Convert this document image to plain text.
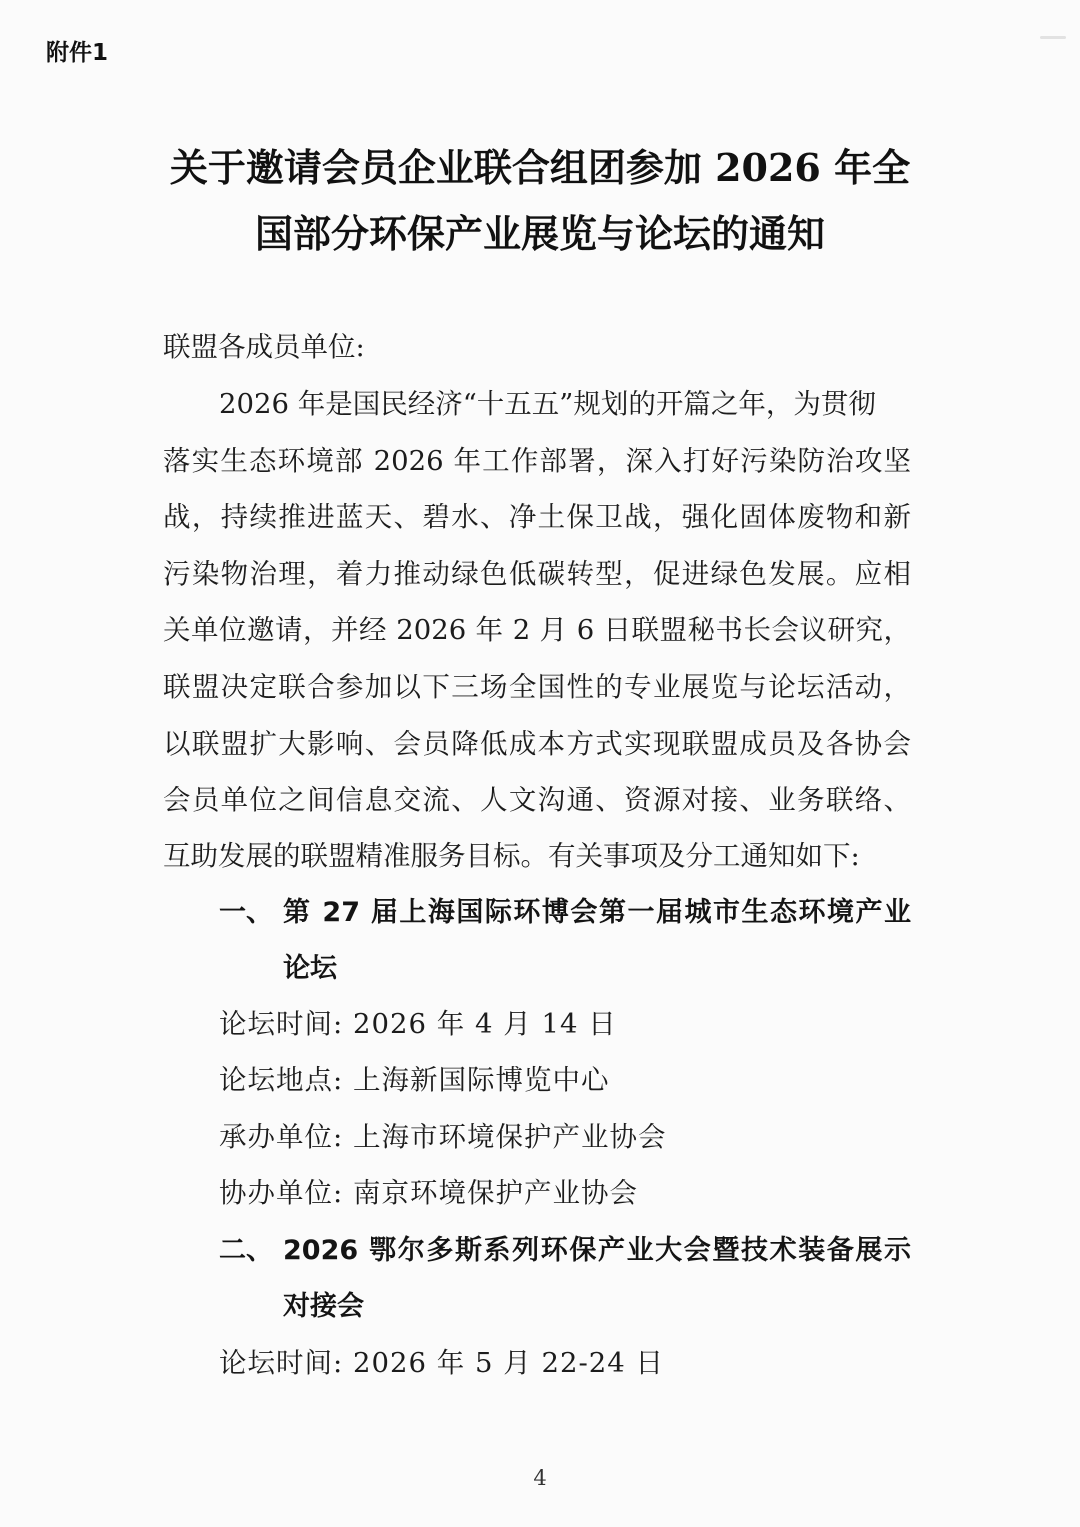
附件1
关于邀请会员企业联合组团参加 2026 年全
国部分环保产业展览与论坛的通知
联盟各成员单位:
2026 年是国民经济“十五五”规划的开篇之年，为贯彻
落实生态环境部 2026 年工作部署，深入打好污染防治攻坚
战，持续推进蓝天、碧水、净土保卫战，强化固体废物和新
污染物治理，着力推动绿色低碳转型，促进绿色发展。应相
关单位邀请，并经 2026 年 2 月 6 日联盟秘书长会议研究，
联盟决定联合参加以下三场全国性的专业展览与论坛活动，
以联盟扩大影响、会员降低成本方式实现联盟成员及各协会
会员单位之间信息交流、人文沟通、资源对接、业务联络、
互助发展的联盟精准服务目标。有关事项及分工通知如下:
一、 第 27 届上海国际环博会第一届城市生态环境产业
论坛
论坛时间: 2026 年 4 月 14 日
论坛地点: 上海新国际博览中心
承办单位: 上海市环境保护产业协会
协办单位: 南京环境保护产业协会
二、 2026 鄂尔多斯系列环保产业大会暨技术装备展示
对接会
论坛时间: 2026 年 5 月 22-24 日
4
